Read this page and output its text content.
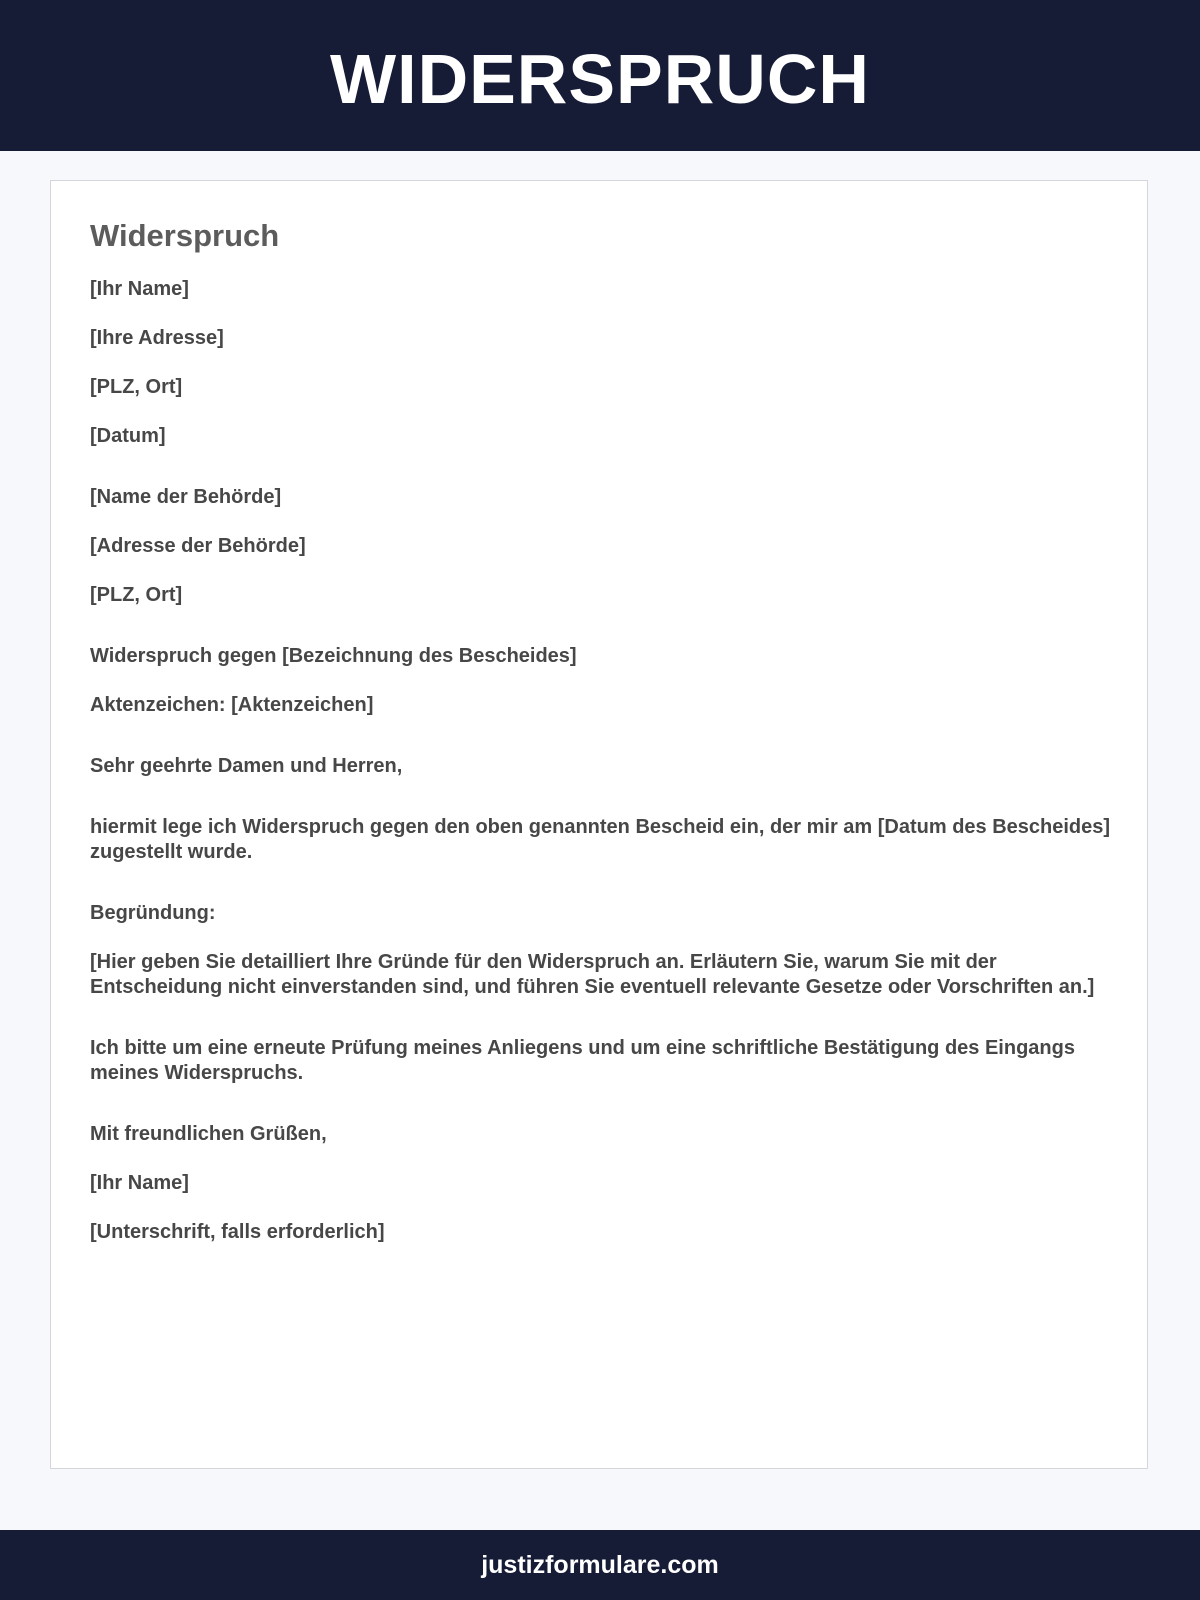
WIDERSPRUCH
Widerspruch

[Ihr Name]

[Ihre Adresse]

[PLZ, Ort]

[Datum]

[Name der Behörde]

[Adresse der Behörde]

[PLZ, Ort]

Widerspruch gegen [Bezeichnung des Bescheides]

Aktenzeichen: [Aktenzeichen]

Sehr geehrte Damen und Herren,

hiermit lege ich Widerspruch gegen den oben genannten Bescheid ein, der mir am [Datum des Bescheides] zugestellt wurde.

Begründung:

[Hier geben Sie detailliert Ihre Gründe für den Widerspruch an. Erläutern Sie, warum Sie mit der Entscheidung nicht einverstanden sind, und führen Sie eventuell relevante Gesetze oder Vorschriften an.]

Ich bitte um eine erneute Prüfung meines Anliegens und um eine schriftliche Bestätigung des Eingangs meines Widerspruchs.

Mit freundlichen Grüßen,

[Ihr Name]

[Unterschrift, falls erforderlich]

justizformulare.com
